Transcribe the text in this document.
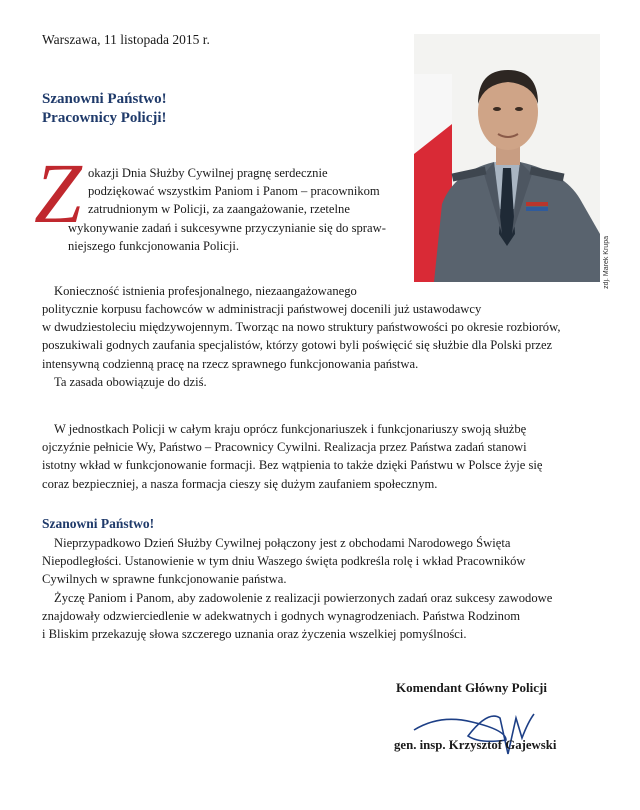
Warszawa, 11 listopada 2015 r.
Szanowni Państwo!
Pracownicy Policji!
Z okazji Dnia Służby Cywilnej pragnę serdecznie
podziękować wszystkim Paniom i Panom – pracownikom
zatrudnionym w Policji, za zaangażowanie, rzetelne
wykonywanie zadań i sukcesywne przyczynianie się do spraw-
niejszego funkcjonowania Policji.	zdj. Marek Krupa
Konieczność istnienia profesjonalnego, niezaangażowanego
politycznie korpusu fachowców w administracji państwowej docenili już ustawodawcy
w dwudziestoleciu międzywojennym. Tworząc na nowo struktury państwowości po okresie rozbiorów,
poszukiwali godnych zaufania specjalistów, którzy gotowi byli poświęcić się służbie dla Polski przez
intensywną codzienną pracę na rzecz sprawnego funkcjonowania państwa.
Ta zasada obowiązuje do dziś.
W jednostkach Policji w całym kraju oprócz funkcjonariuszek i funkcjonariuszy swoją służbę
ojczyźnie pełnicie Wy, Państwo – Pracownicy Cywilni. Realizacja przez Państwa zadań stanowi
istotny wkład w funkcjonowanie formacji. Bez wątpienia to także dzięki Państwu w Polsce żyje się
coraz bezpieczniej, a nasza formacja cieszy się dużym zaufaniem społecznym.
Szanowni Państwo!
Nieprzypadkowo Dzień Służby Cywilnej połączony jest z obchodami Narodowego Święta
Niepodległości. Ustanowienie w tym dniu Waszego święta podkreśla rolę i wkład Pracowników
Cywilnych w sprawne funkcjonowanie państwa.
Życzę Paniom i Panom, aby zadowolenie z realizacji powierzonych zadań oraz sukcesy zawodowe
znajdowały odzwierciedlenie w adekwatnych i godnych wynagrodzeniach. Państwa Rodzinom
i Bliskim przekazuję słowa szczerego uznania oraz życzenia wszelkiej pomyślności.
Komendant Główny Policji
gen. insp. Krzysztof Gajewski
